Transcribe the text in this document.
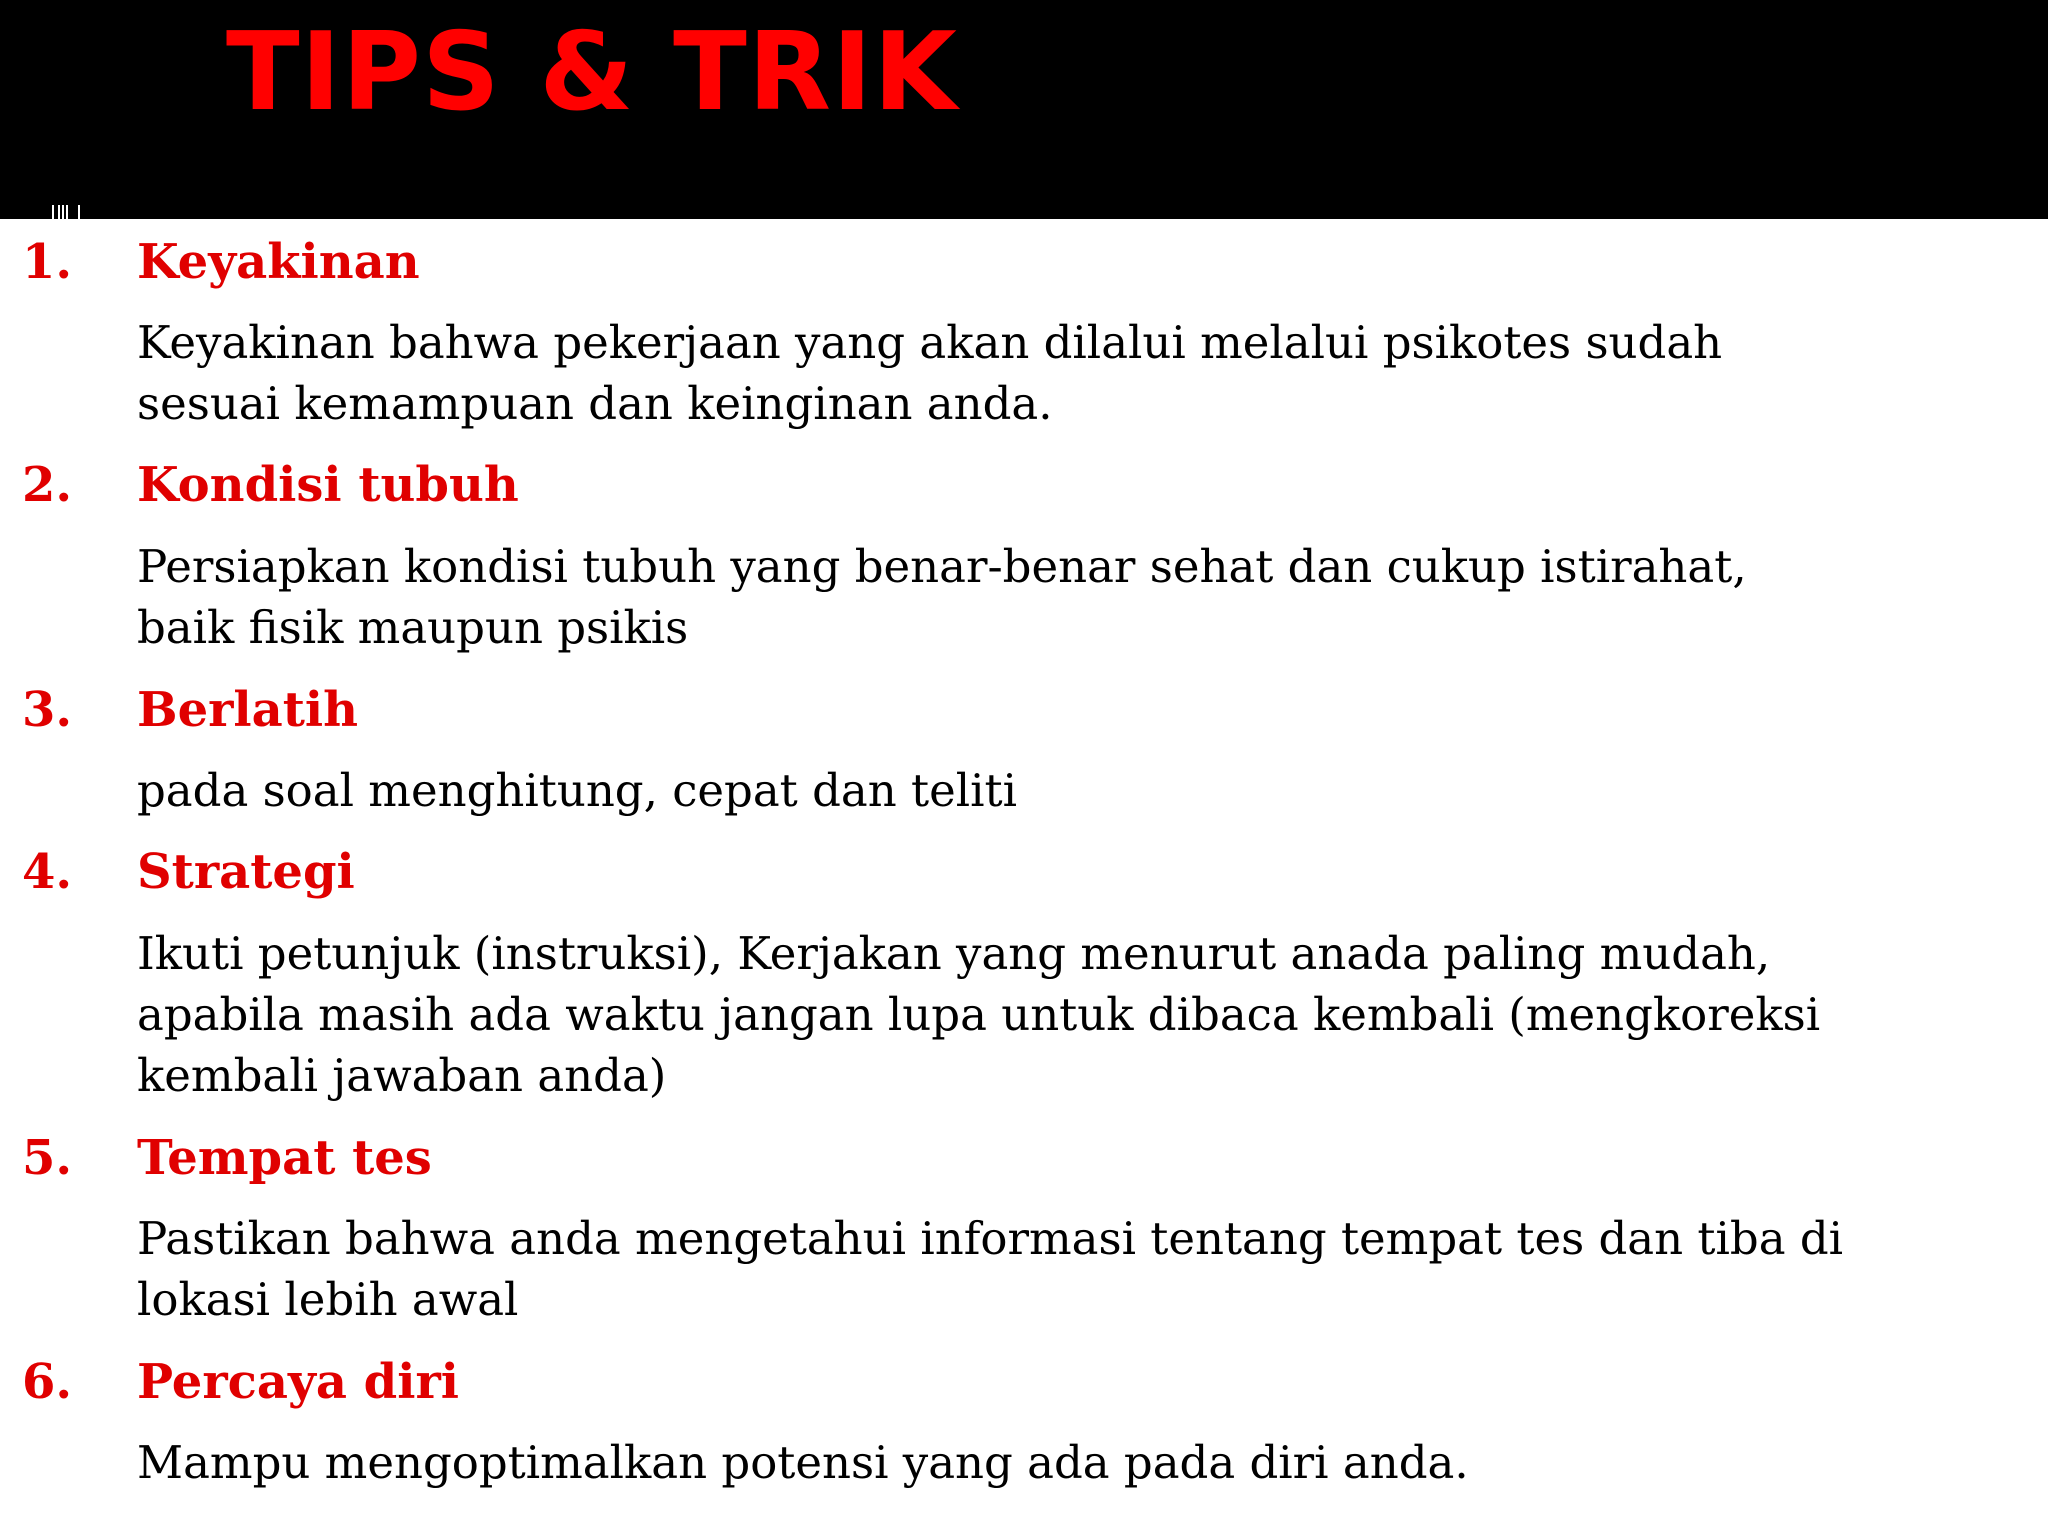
TIPS & TRIK

1. Keyakinan

Keyakinan bahwa pekerjaan yang akan dilalui melalui psikotes sudah
sesuai kemampuan dan keinginan anda.

2. Kondisi tubuh

Persiapkan kondisi tubuh yang benar-benar sehat dan cukup istirahat,
baik fisik maupun psikis

3. Berlatih

pada soal menghitung, cepat dan teliti

4. Strategi

Ikuti petunjuk (instruksi), Kerjakan yang menurut anada paling mudah,
apabila masih ada waktu jangan lupa untuk dibaca kembali (mengkoreksi
kembali jawaban anda)

5. Tempat tes

Pastikan bahwa anda mengetahui informasi tentang tempat tes dan tiba di
lokasi lebih awal

6. Percaya diri

Mampu mengoptimalkan potensi yang ada pada diri anda.
